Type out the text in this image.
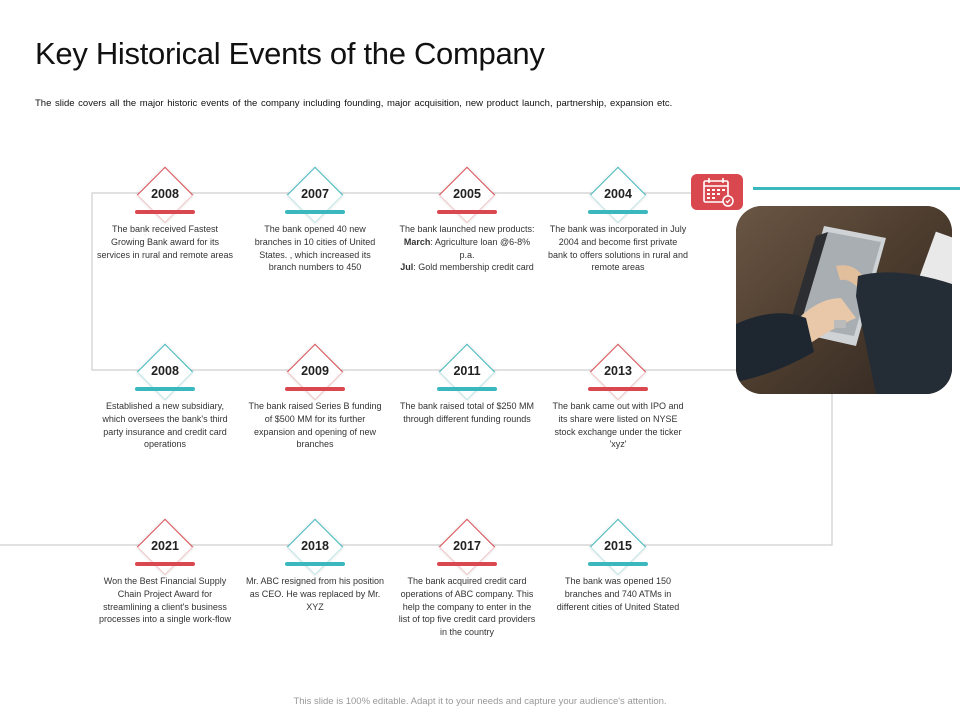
Key Historical Events of the Company
The slide covers all the major historic events of the company including founding, major acquisition, new product launch, partnership, expansion etc.
2008
The bank received Fastest Growing Bank award for its services in rural and remote areas
2007
The bank opened 40 new branches in 10 cities of United States. , which increased its branch numbers to 450
2005
The bank launched new products:
March: Agriculture loan @6-8% p.a.
Jul: Gold membership credit card
2004
The bank was incorporated in July 2004 and become first private bank to offers solutions in rural and remote areas
2008
Established a new subsidiary, which oversees the bank's third party insurance and credit card operations
2009
The bank raised Series B funding of $500 MM for its further expansion and opening of new branches
2011
The bank raised total of $250 MM through different funding rounds
2013
The bank came out with IPO and its share were listed on NYSE stock exchange under the ticker 'xyz'
2021
Won the Best Financial Supply Chain Project Award for streamlining a client's business processes into a single work-flow
2018
Mr. ABC resigned from his position as CEO. He was replaced by Mr. XYZ
2017
The bank acquired credit card operations of ABC company. This help the company to enter in the list of top five credit card providers in the country
2015
The bank was opened 150 branches and 740 ATMs in different cities of United Stated
This slide is 100% editable. Adapt it to your needs and capture your audience's attention.
